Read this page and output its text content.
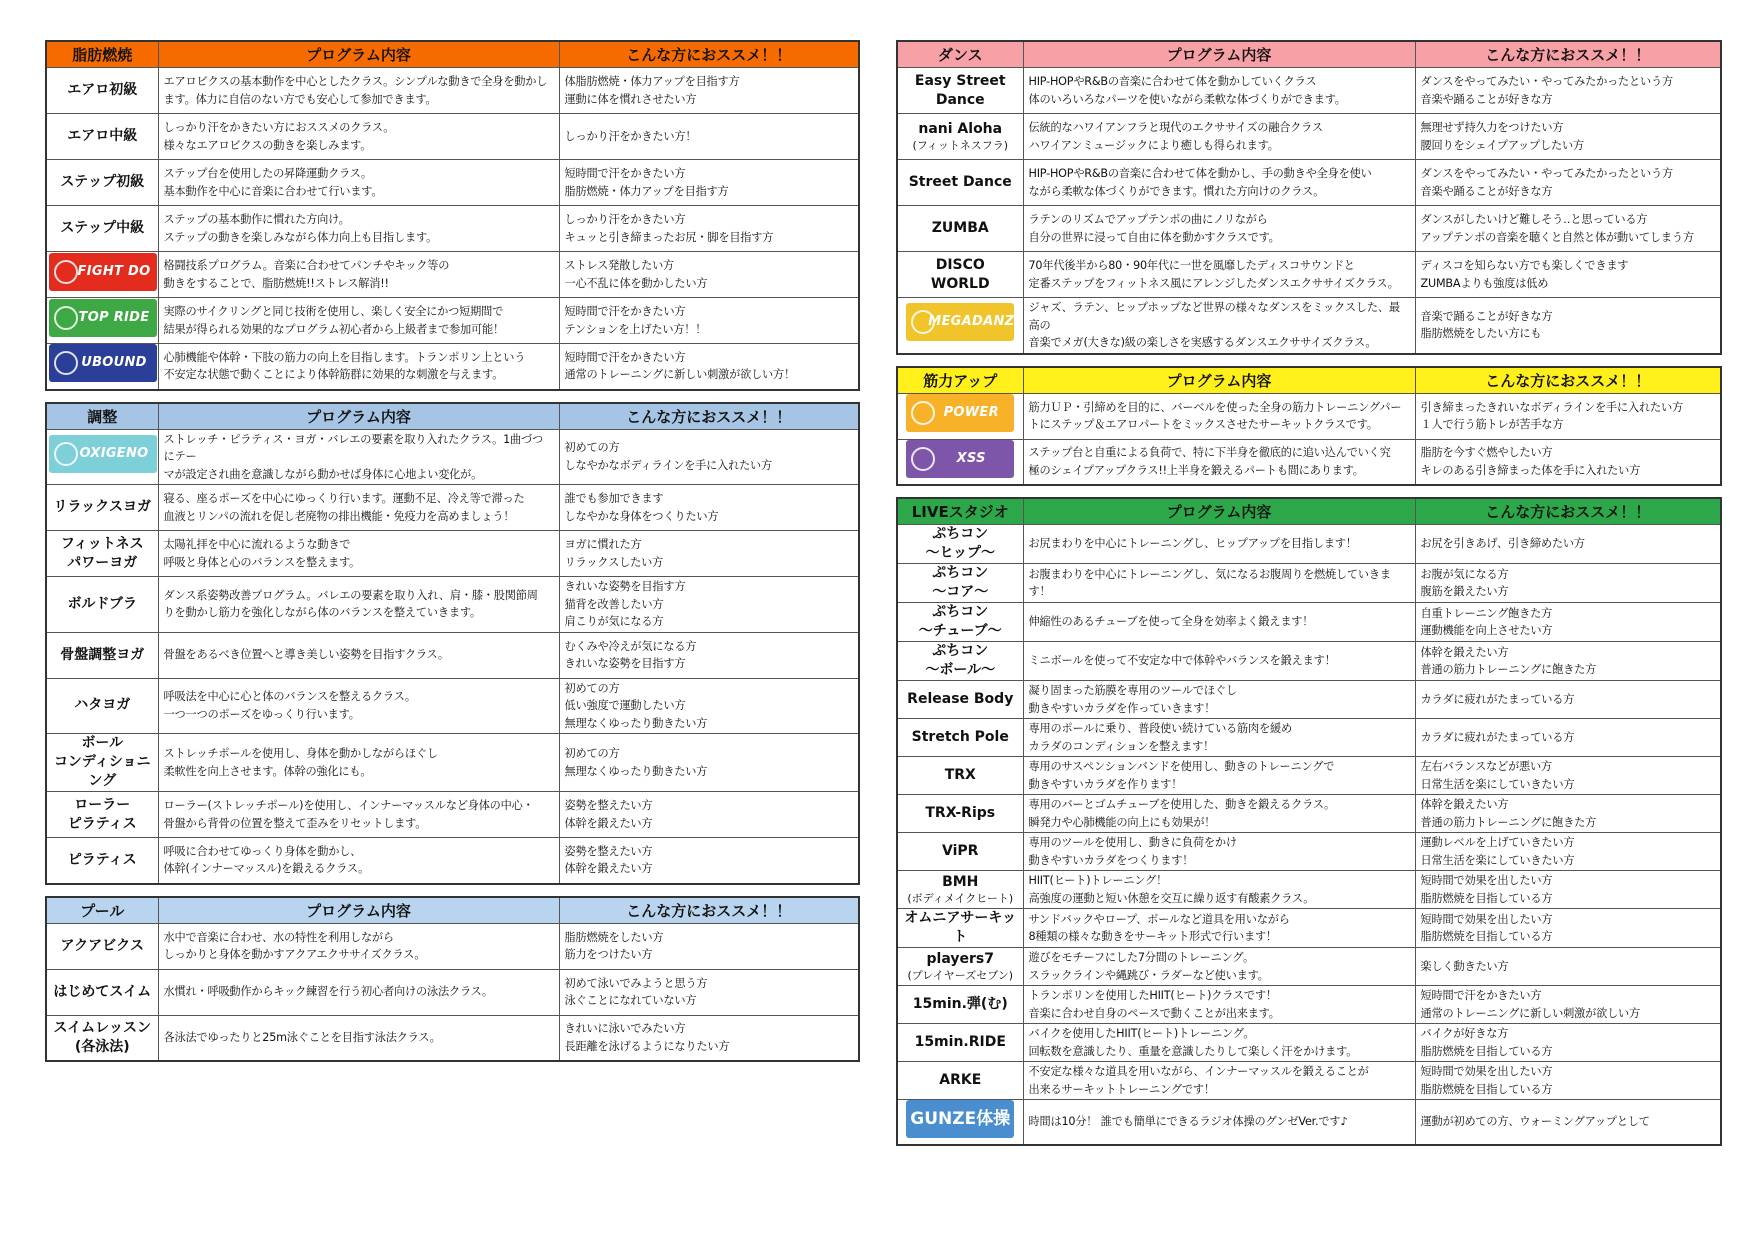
脂肪燃焼	プログラム内容	こんな方におススメ！！

エアロ初級	エアロビクスの基本動作を中心としたクラス。シンプルな動きで全身を動かし
ます。体力に自信のない方でも安心して参加できます。	体脂肪燃焼・体力アップを目指す方
運動に体を慣れさせたい方

エアロ中級	しっかり汗をかきたい方におススメのクラス。
様々なエアロビクスの動きを楽しみます。	しっかり汗をかきたい方！

ステップ初級	ステップ台を使用したの昇降運動クラス。
基本動作を中心に音楽に合わせて行います。	短時間で汗をかきたい方
脂肪燃焼・体力アップを目指す方

ステップ中級	ステップの基本動作に慣れた方向け。
ステップの動きを楽しみながら体力向上も目指します。	しっかり汗をかきたい方
キュッと引き締まったお尻・脚を目指す方

FIGHT DO	格闘技系プログラム。音楽に合わせてパンチやキック等の
動きをすることで、脂肪燃焼!!ストレス解消!!	ストレス発散したい方
一心不乱に体を動かしたい方

TOP RIDE	実際のサイクリングと同じ技術を使用し、楽しく安全にかつ短期間で
結果が得られる効果的なプログラム初心者から上級者まで参加可能！	短時間で汗をかきたい方
テンションを上げたい方！！

UBOUND	心肺機能や体幹・下肢の筋力の向上を目指します。トランポリン上という
不安定な状態で動くことにより体幹筋群に効果的な刺激を与えます。	短時間で汗をかきたい方
通常のトレーニングに新しい刺激が欲しい方！
調整	プログラム内容	こんな方におススメ！！

OXIGENO	ストレッチ・ピラティス・ヨガ・バレエの要素を取り入れたクラス。1曲づつにテー
マが設定され曲を意識しながら動かせば身体に心地よい変化が。	初めての方
しなやかなボディラインを手に入れたい方

リラックスヨガ	寝る、座るポーズを中心にゆっくり行います。運動不足、冷え等で滞った
血液とリンパの流れを促し老廃物の排出機能・免疫力を高めましょう！	誰でも参加できます
しなやかな身体をつくりたい方

フィットネス
パワーヨガ	太陽礼拝を中心に流れるような動きで
呼吸と身体と心のバランスを整えます。	ヨガに慣れた方
リラックスしたい方

ボルドブラ	ダンス系姿勢改善プログラム。バレエの要素を取り入れ、肩・膝・股関節周
りを動かし筋力を強化しながら体のバランスを整えていきます。	きれいな姿勢を目指す方
猫背を改善したい方
肩こりが気になる方

骨盤調整ヨガ	骨盤をあるべき位置へと導き美しい姿勢を目指すクラス。	むくみや冷えが気になる方
きれいな姿勢を目指す方

ハタヨガ	呼吸法を中心に心と体のバランスを整えるクラス。
一つ一つのポーズをゆっくり行います。	初めての方
低い強度で運動したい方
無理なくゆったり動きたい方

ボール
コンディショニング	ストレッチポールを使用し、身体を動かしながらほぐし
柔軟性を向上させます。体幹の強化にも。	初めての方
無理なくゆったり動きたい方

ローラー
ピラティス	ローラー(ストレッチポール)を使用し、インナーマッスルなど身体の中心・
骨盤から背骨の位置を整えて歪みをリセットします。	姿勢を整えたい方
体幹を鍛えたい方

ピラティス	呼吸に合わせてゆっくり身体を動かし、
体幹(インナーマッスル)を鍛えるクラス。	姿勢を整えたい方
体幹を鍛えたい方
プール	プログラム内容	こんな方におススメ！！

アクアビクス	水中で音楽に合わせ、水の特性を利用しながら
しっかりと身体を動かすアクアエクササイズクラス。	脂肪燃焼をしたい方
筋力をつけたい方

はじめてスイム	水慣れ・呼吸動作からキック練習を行う初心者向けの泳法クラス。	初めて泳いでみようと思う方
泳ぐことになれていない方

スイムレッスン
(各泳法)	各泳法でゆったりと25m泳ぐことを目指す泳法クラス。	きれいに泳いでみたい方
長距離を泳げるようになりたい方
ダンス	プログラム内容	こんな方におススメ！！

Easy Street
Dance	HIP-HOPやR&Bの音楽に合わせて体を動かしていくクラス
体のいろいろなパーツを使いながら柔軟な体づくりができます。	ダンスをやってみたい・やってみたかったという方
音楽や踊ることが好きな方

nani Aloha
(フィットネスフラ)	伝統的なハワイアンフラと現代のエクササイズの融合クラス
ハワイアンミュージックにより癒しも得られます。	無理せず持久力をつけたい方
腰回りをシェイプアップしたい方

Street Dance	HIP-HOPやR&Bの音楽に合わせて体を動かし、手の動きや全身を使い
ながら柔軟な体づくりができます。慣れた方向けのクラス。	ダンスをやってみたい・やってみたかったという方
音楽や踊ることが好きな方

ZUMBA	ラテンのリズムでアップテンポの曲にノリながら
自分の世界に浸って自由に体を動かすクラスです。	ダンスがしたいけど難しそう‥と思っている方
アップテンポの音楽を聴くと自然と体が動いてしまう方

DISCO
WORLD	70年代後半から80・90年代に一世を風靡したディスコサウンドと
定番ステップをフィットネス風にアレンジしたダンスエクササイズクラス。	ディスコを知らない方でも楽しくできます
ZUMBAよりも強度は低め

MEGADANZ	ジャズ、ラテン、ヒップホップなど世界の様々なダンスをミックスした、最高の
音楽でメガ(大きな)級の楽しさを実感するダンスエクササイズクラス。	音楽で踊ることが好きな方
脂肪燃焼をしたい方にも
筋力アップ	プログラム内容	こんな方におススメ！！

POWER	筋力ＵＰ・引締めを目的に、バーベルを使った全身の筋力トレーニングパー
トにステップ＆エアロパートをミックスさせたサーキットクラスです。	引き締まったきれいなボディラインを手に入れたい方
１人で行う筋トレが苦手な方

XSS	ステップ台と自重による負荷で、特に下半身を徹底的に追い込んでいく究
極のシェイプアップクラス!!上半身を鍛えるパートも間にあります。	脂肪を今すぐ燃やしたい方
キレのある引き締まった体を手に入れたい方
LIVEスタジオ	プログラム内容	こんな方におススメ！！

ぷちコン
～ヒップ～	お尻まわりを中心にトレーニングし、ヒップアップを目指します！	お尻を引きあげ、引き締めたい方

ぷちコン
～コア～	お腹まわりを中心にトレーニングし、気になるお腹周りを燃焼していきます！	お腹が気になる方
腹筋を鍛えたい方

ぷちコン
～チューブ～	伸縮性のあるチューブを使って全身を効率よく鍛えます！	自重トレーニング飽きた方
運動機能を向上させたい方

ぷちコン
～ボール～	ミニボールを使って不安定な中で体幹やバランスを鍛えます！	体幹を鍛えたい方
普通の筋力トレーニングに飽きた方

Release Body	凝り固まった筋膜を専用のツールでほぐし
動きやすいカラダを作っていきます！	カラダに疲れがたまっている方

Stretch Pole	専用のポールに乗り、普段使い続けている筋肉を緩め
カラダのコンディションを整えます！	カラダに疲れがたまっている方

TRX	専用のサスペンションバンドを使用し、動きのトレーニングで
動きやすいカラダを作ります！	左右バランスなどが悪い方
日常生活を楽にしていきたい方

TRX-Rips	専用のバーとゴムチューブを使用した、動きを鍛えるクラス。
瞬発力や心肺機能の向上にも効果が！	体幹を鍛えたい方
普通の筋力トレーニングに飽きた方

ViPR	専用のツールを使用し、動きに負荷をかけ
動きやすいカラダをつくります！	運動レベルを上げていきたい方
日常生活を楽にしていきたい方

BMH
(ボディメイクヒート)	HIIT(ヒート)トレーニング！
高強度の運動と短い休憩を交互に繰り返す有酸素クラス。	短時間で効果を出したい方
脂肪燃焼を目指している方

オムニアサーキット	サンドバックやロープ、ボールなど道具を用いながら
8種類の様々な動きをサーキット形式で行います！	短時間で効果を出したい方
脂肪燃焼を目指している方

players7
(プレイヤーズセブン)	遊びをモチーフにした7分間のトレーニング。
スラックラインや縄跳び・ラダーなど使います。	楽しく動きたい方

15min.弾(む)	トランポリンを使用したHIIT(ヒート)クラスです！
音楽に合わせ自身のペースで動くことが出来ます。	短時間で汗をかきたい方
通常のトレーニングに新しい刺激が欲しい方

15min.RIDE	バイクを使用したHIIT(ヒート)トレーニング。
回転数を意識したり、重量を意識したりして楽しく汗をかけます。	バイクが好きな方
脂肪燃焼を目指している方

ARKE	不安定な様々な道具を用いながら、インナーマッスルを鍛えることが
出来るサーキットトレーニングです！	短時間で効果を出したい方
脂肪燃焼を目指している方
GUNZE体操	時間は10分！ 誰でも簡単にできるラジオ体操のグンゼVer.です♪	運動が初めての方、ウォーミングアップとして
